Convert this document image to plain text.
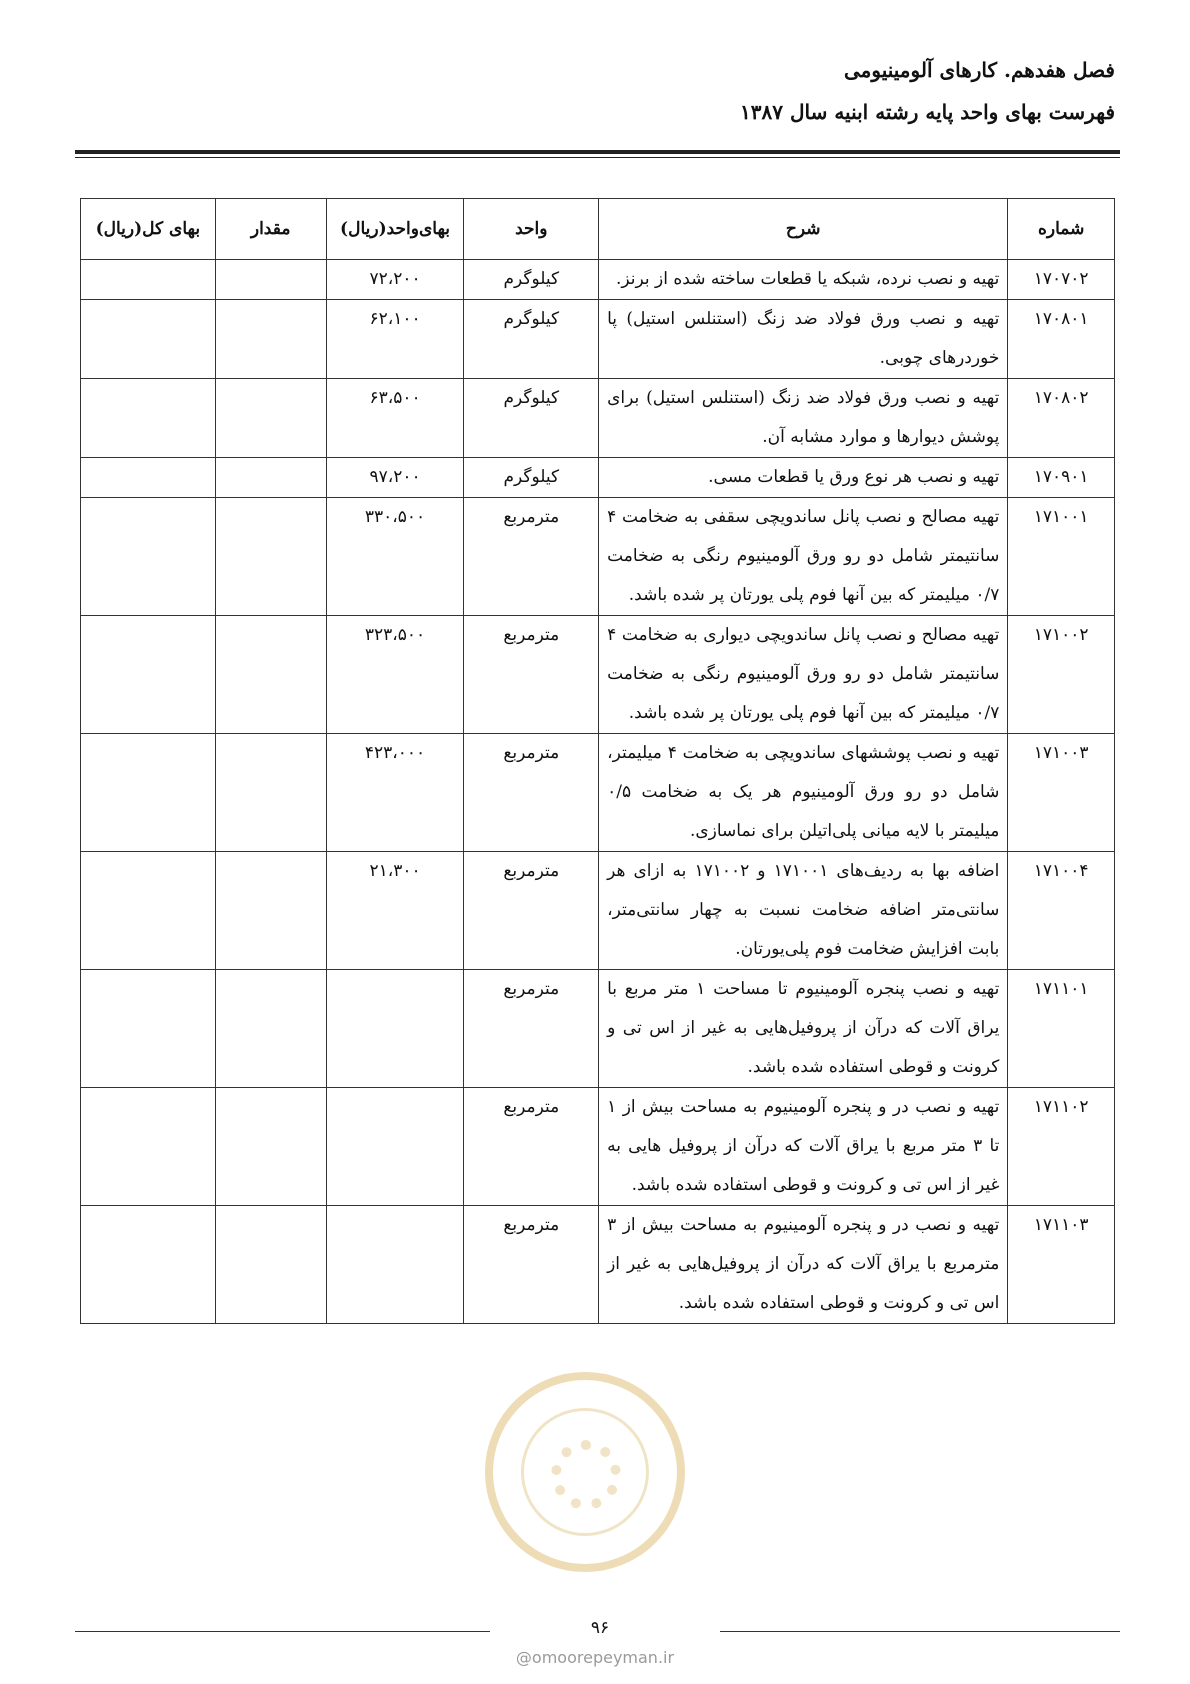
فصل هفدهم. کارهای آلومینیومی
فهرست بهای واحد پایه رشته ابنیه سال ۱۳۸۷
شماره	شرح	واحد	بهای‌واحد(ریال)	مقدار	بهای کل(ریال)
۱۷۰۷۰۲	تهیه و نصب نرده، شبکه یا قطعات ساخته شده از برنز.	کیلوگرم	۷۲،۲۰۰		
۱۷۰۸۰۱	تهیه و نصب ورق فولاد ضد زنگ (استنلس استیل) پا خوردرهای چوبی.	کیلوگرم	۶۲،۱۰۰		
۱۷۰۸۰۲	تهیه و نصب ورق فولاد ضد زنگ (استنلس استیل) برای پوشش دیوارها و موارد مشابه آن.	کیلوگرم	۶۳،۵۰۰		
۱۷۰۹۰۱	تهیه و نصب هر نوع ورق یا قطعات مسی.	کیلوگرم	۹۷،۲۰۰		
۱۷۱۰۰۱	تهیه مصالح و نصب پانل ساندویچی سقفی به ضخامت ۴ سانتیمتر شامل دو رو ورق آلومینیوم رنگی به ضخامت ۰/۷ میلیمتر که بین آنها فوم پلی یورتان پر شده باشد.	مترمربع	۳۳۰،۵۰۰		
۱۷۱۰۰۲	تهیه مصالح و نصب پانل ساندویچی دیواری به ضخامت ۴ سانتیمتر شامل دو رو ورق آلومینیوم رنگی به ضخامت ۰/۷ میلیمتر که بین آنها فوم پلی یورتان پر شده باشد.	مترمربع	۳۲۳،۵۰۰		
۱۷۱۰۰۳	تهیه و نصب پوششهای ساندویچی به ضخامت ۴ میلیمتر، شامل دو رو ورق آلومینیوم هر یک به ضخامت ۰/۵ میلیمتر با لایه میانی پلی‌اتیلن برای نماسازی.	مترمربع	۴۲۳،۰۰۰		
۱۷۱۰۰۴	اضافه بها به ردیف‌های ۱۷۱۰۰۱ و ۱۷۱۰۰۲ به ازای هر سانتی‌متر اضافه ضخامت نسبت به چهار سانتی‌متر، بابت افزایش ضخامت فوم پلی‌یورتان.	مترمربع	۲۱،۳۰۰		
۱۷۱۱۰۱	تهیه و نصب پنجره آلومینیوم تا مساحت ۱ متر مربع با یراق آلات که درآن از پروفیل‌هایی به غیر از اس تی و کرونت و قوطی استفاده شده باشد.	مترمربع			
۱۷۱۱۰۲	تهیه و نصب در و پنجره آلومینیوم به مساحت بیش از ۱ تا ۳ متر مربع با یراق آلات که درآن از پروفیل هایی به غیر از اس تی و کرونت و قوطی استفاده شده باشد.	مترمربع			
۱۷۱۱۰۳	تهیه و نصب در و پنجره آلومینیوم به مساحت بیش از ۳ مترمربع با یراق آلات که درآن از پروفیل‌هایی به غیر از اس تی و کرونت و قوطی استفاده شده باشد.	مترمربع			
۹۶
@omoorepeyman.ir
